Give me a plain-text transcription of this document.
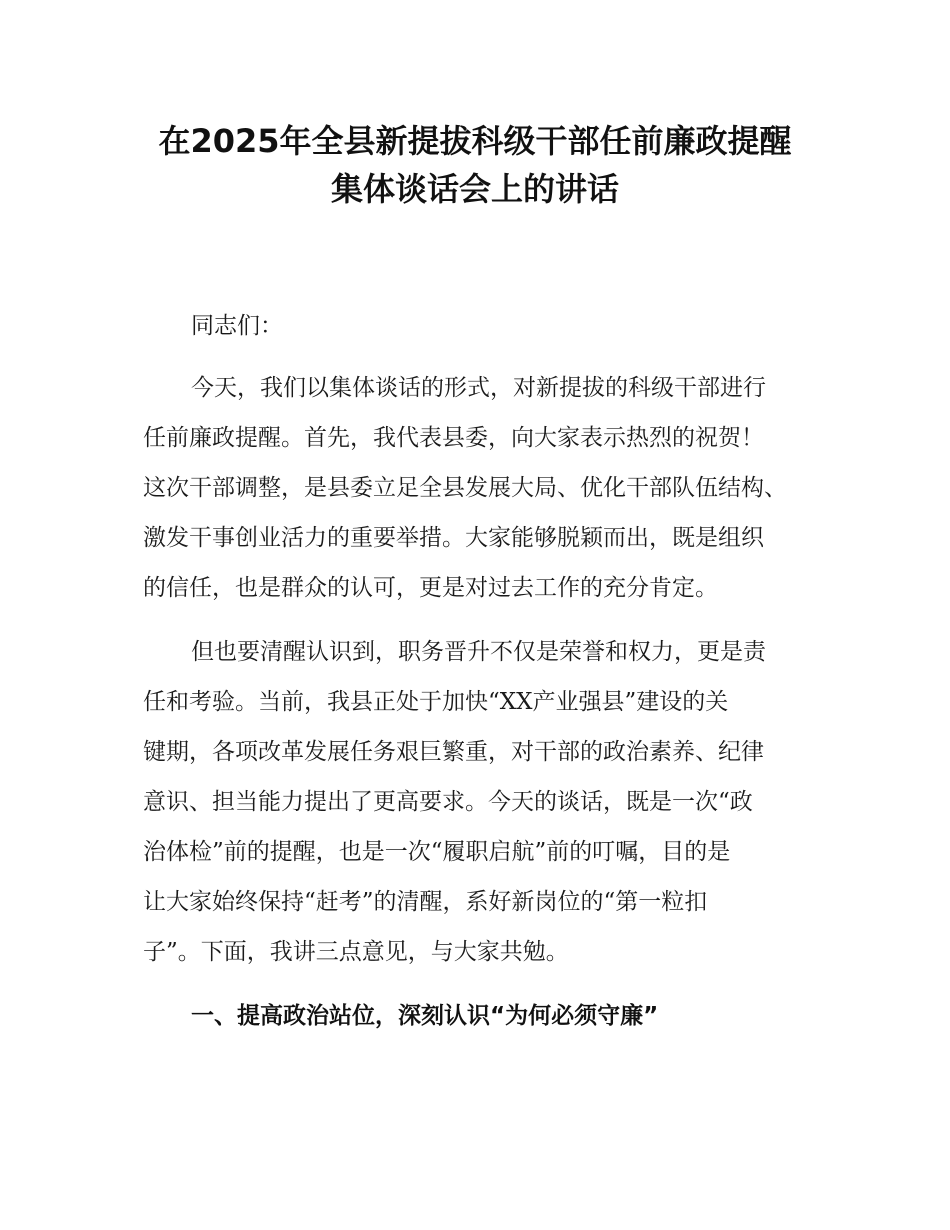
在2025年全县新提拔科级干部任前廉政提醒
集体谈话会上的讲话
同志们：
今天，我们以集体谈话的形式，对新提拔的科级干部进行
任前廉政提醒。首先，我代表县委，向大家表示热烈的祝贺！
这次干部调整，是县委立足全县发展大局、优化干部队伍结构、
激发干事创业活力的重要举措。大家能够脱颖而出，既是组织
的信任，也是群众的认可，更是对过去工作的充分肯定。
但也要清醒认识到，职务晋升不仅是荣誉和权力，更是责
任和考验。当前，我县正处于加快“XX产业强县”建设的关
键期，各项改革发展任务艰巨繁重，对干部的政治素养、纪律
意识、担当能力提出了更高要求。今天的谈话，既是一次“政
治体检”前的提醒，也是一次“履职启航”前的叮嘱，目的是
让大家始终保持“赶考”的清醒，系好新岗位的“第一粒扣
子”。下面，我讲三点意见，与大家共勉。
一、提高政治站位，深刻认识“为何必须守廉”
